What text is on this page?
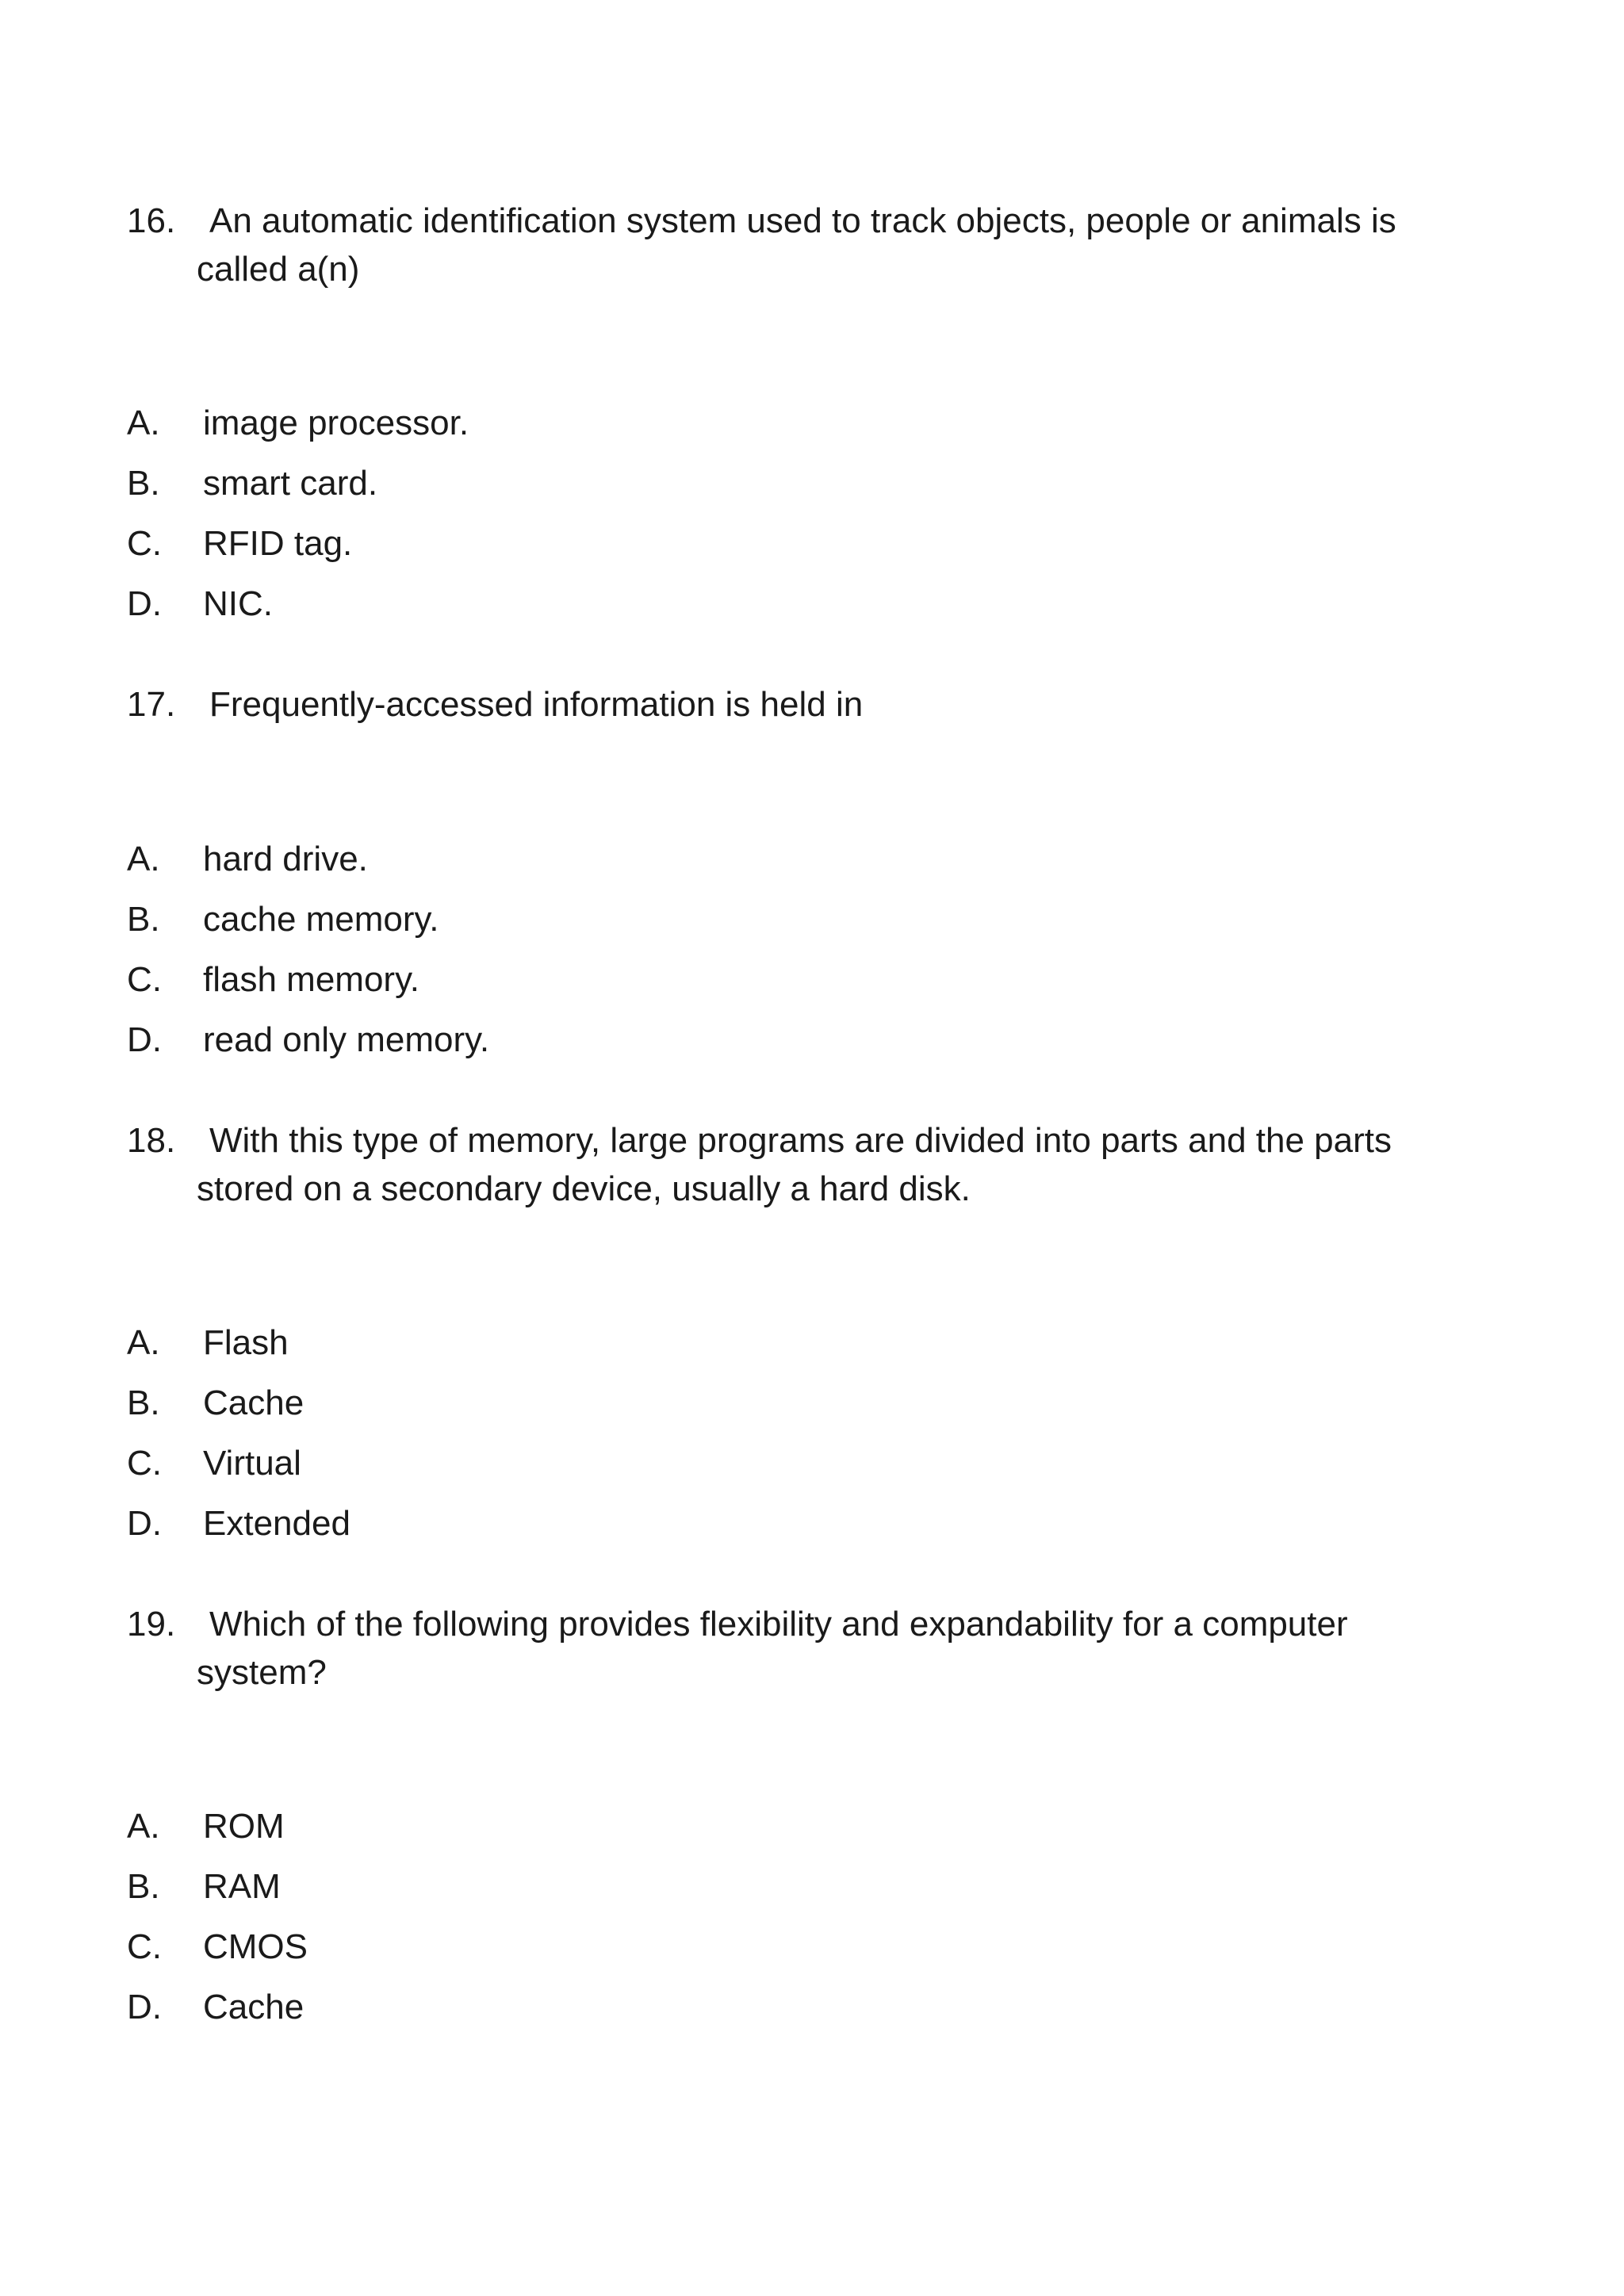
16. An automatic identification system used to track objects, people or animals is called a(n)
A. image processor.
B. smart card.
C. RFID tag.
D. NIC.
17. Frequently-accessed information is held in
A. hard drive.
B. cache memory.
C. flash memory.
D. read only memory.
18. With this type of memory, large programs are divided into parts and the parts stored on a secondary device, usually a hard disk.
A. Flash
B. Cache
C. Virtual
D. Extended
19. Which of the following provides flexibility and expandability for a computer system?
A. ROM
B. RAM
C. CMOS
D. Cache
